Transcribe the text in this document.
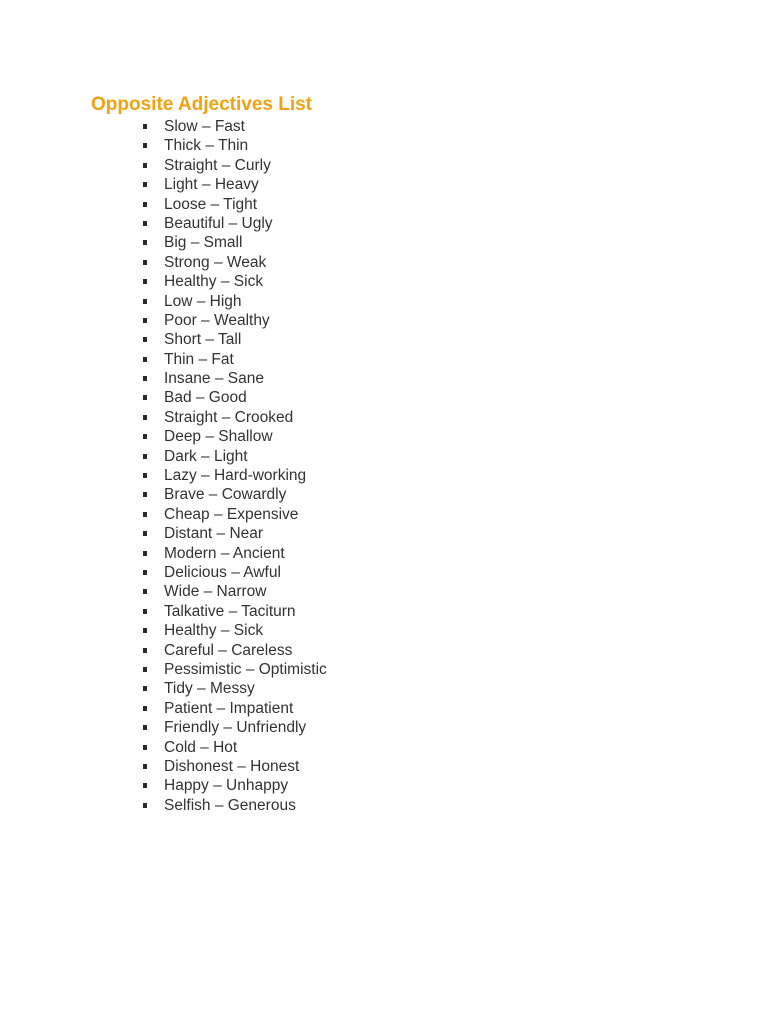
Opposite Adjectives List
Slow – Fast
Thick – Thin
Straight – Curly
Light – Heavy
Loose – Tight
Beautiful – Ugly
Big – Small
Strong – Weak
Healthy – Sick
Low – High
Poor – Wealthy
Short – Tall
Thin – Fat
Insane – Sane
Bad – Good
Straight – Crooked
Deep – Shallow
Dark – Light
Lazy – Hard-working
Brave – Cowardly
Cheap – Expensive
Distant – Near
Modern – Ancient
Delicious – Awful
Wide – Narrow
Talkative – Taciturn
Healthy – Sick
Careful – Careless
Pessimistic – Optimistic
Tidy – Messy
Patient – Impatient
Friendly – Unfriendly
Cold – Hot
Dishonest – Honest
Happy – Unhappy
Selfish – Generous
